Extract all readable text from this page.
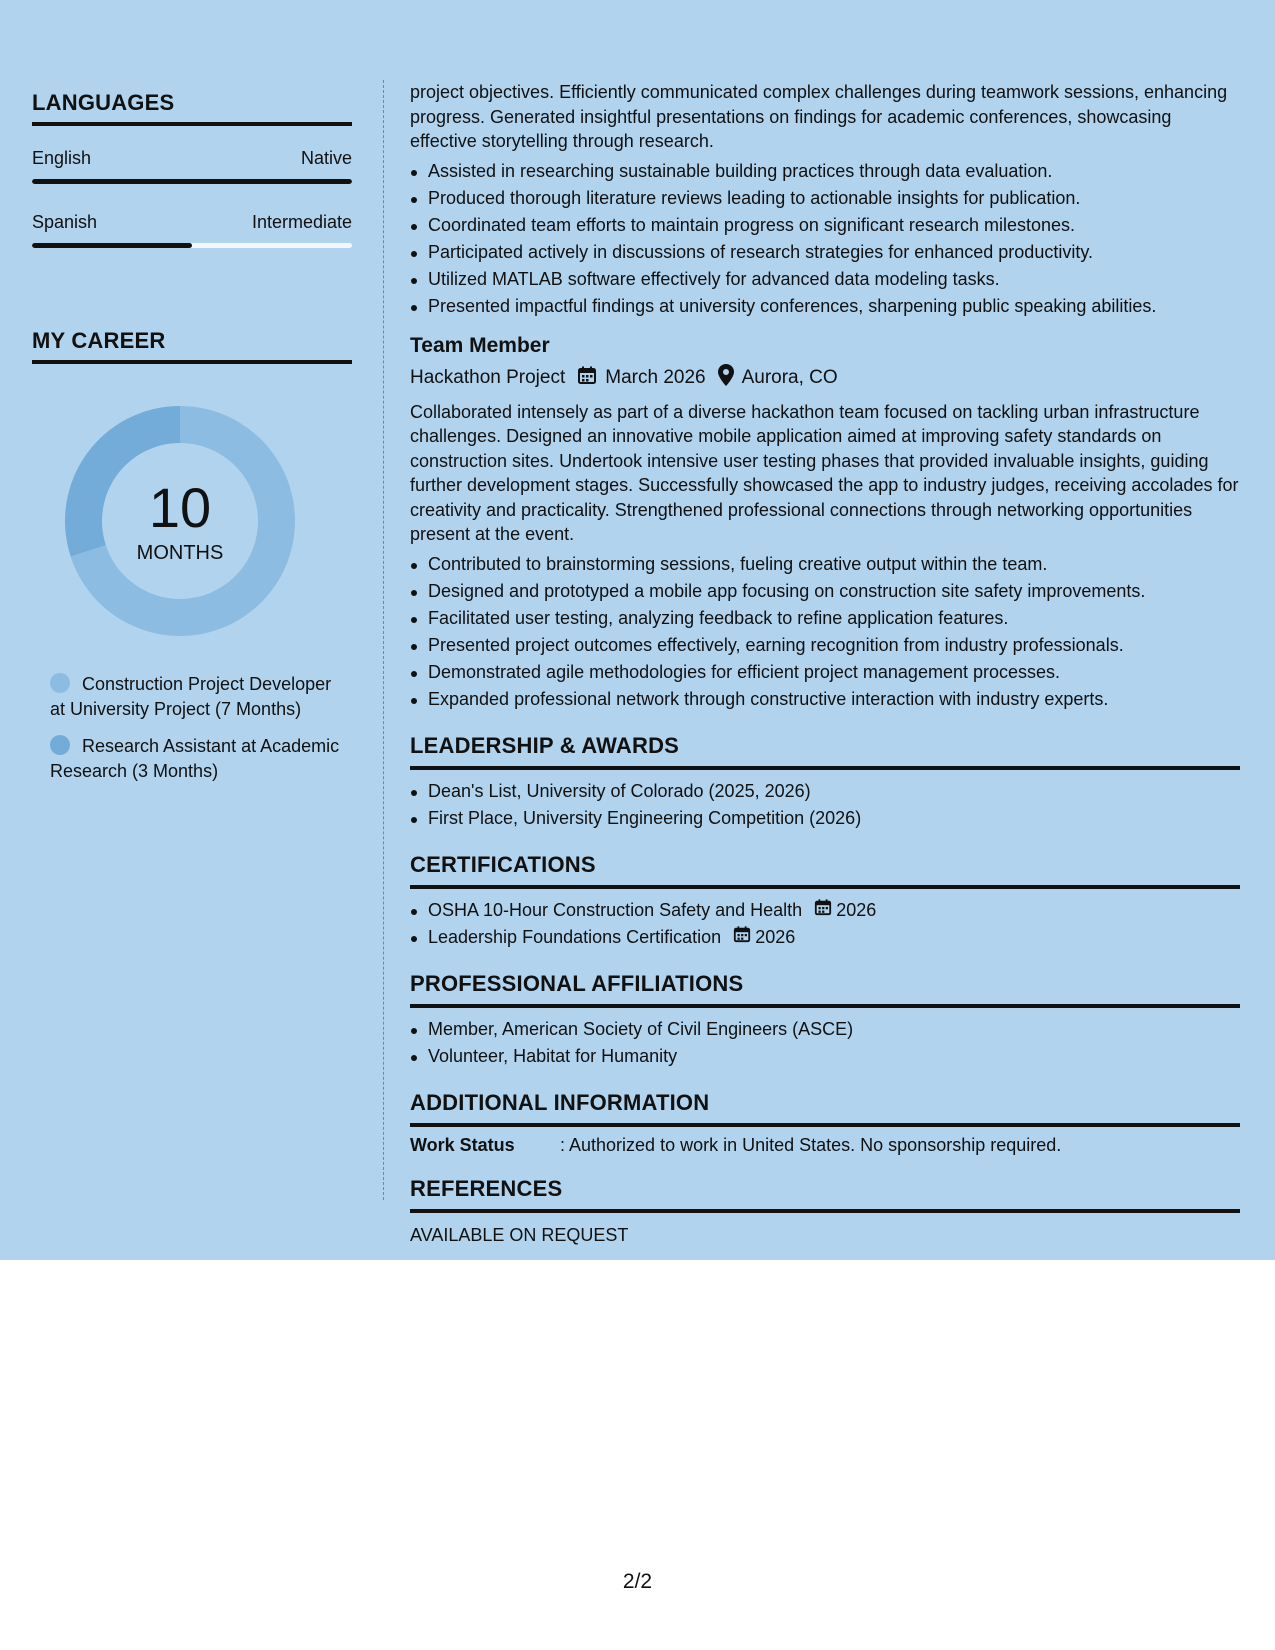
LANGUAGES
English	Native
Spanish	Intermediate
MY CAREER
10
MONTHS
Construction Project Developer at University Project (7 Months)
Research Assistant at Academic Research (3 Months)
project objectives. Efficiently communicated complex challenges during teamwork sessions, enhancing progress. Generated insightful presentations on findings for academic conferences, showcasing effective storytelling through research.
Assisted in researching sustainable building practices through data evaluation.
Produced thorough literature reviews leading to actionable insights for publication.
Coordinated team efforts to maintain progress on significant research milestones.
Participated actively in discussions of research strategies for enhanced productivity.
Utilized MATLAB software effectively for advanced data modeling tasks.
Presented impactful findings at university conferences, sharpening public speaking abilities.
Team Member
Hackathon Project March 2026 Aurora, CO
Collaborated intensely as part of a diverse hackathon team focused on tackling urban infrastructure challenges. Designed an innovative mobile application aimed at improving safety standards on construction sites. Undertook intensive user testing phases that provided invaluable insights, guiding further development stages. Successfully showcased the app to industry judges, receiving accolades for creativity and practicality. Strengthened professional connections through networking opportunities present at the event.
Contributed to brainstorming sessions, fueling creative output within the team.
Designed and prototyped a mobile app focusing on construction site safety improvements.
Facilitated user testing, analyzing feedback to refine application features.
Presented project outcomes effectively, earning recognition from industry professionals.
Demonstrated agile methodologies for efficient project management processes.
Expanded professional network through constructive interaction with industry experts.
LEADERSHIP & AWARDS
Dean's List, University of Colorado (2025, 2026)
First Place, University Engineering Competition (2026)
CERTIFICATIONS
OSHA 10-Hour Construction Safety and Health 2026
Leadership Foundations Certification 2026
PROFESSIONAL AFFILIATIONS
Member, American Society of Civil Engineers (ASCE)
Volunteer, Habitat for Humanity
ADDITIONAL INFORMATION
Work Status	: Authorized to work in United States. No sponsorship required.
REFERENCES
AVAILABLE ON REQUEST
2/2
